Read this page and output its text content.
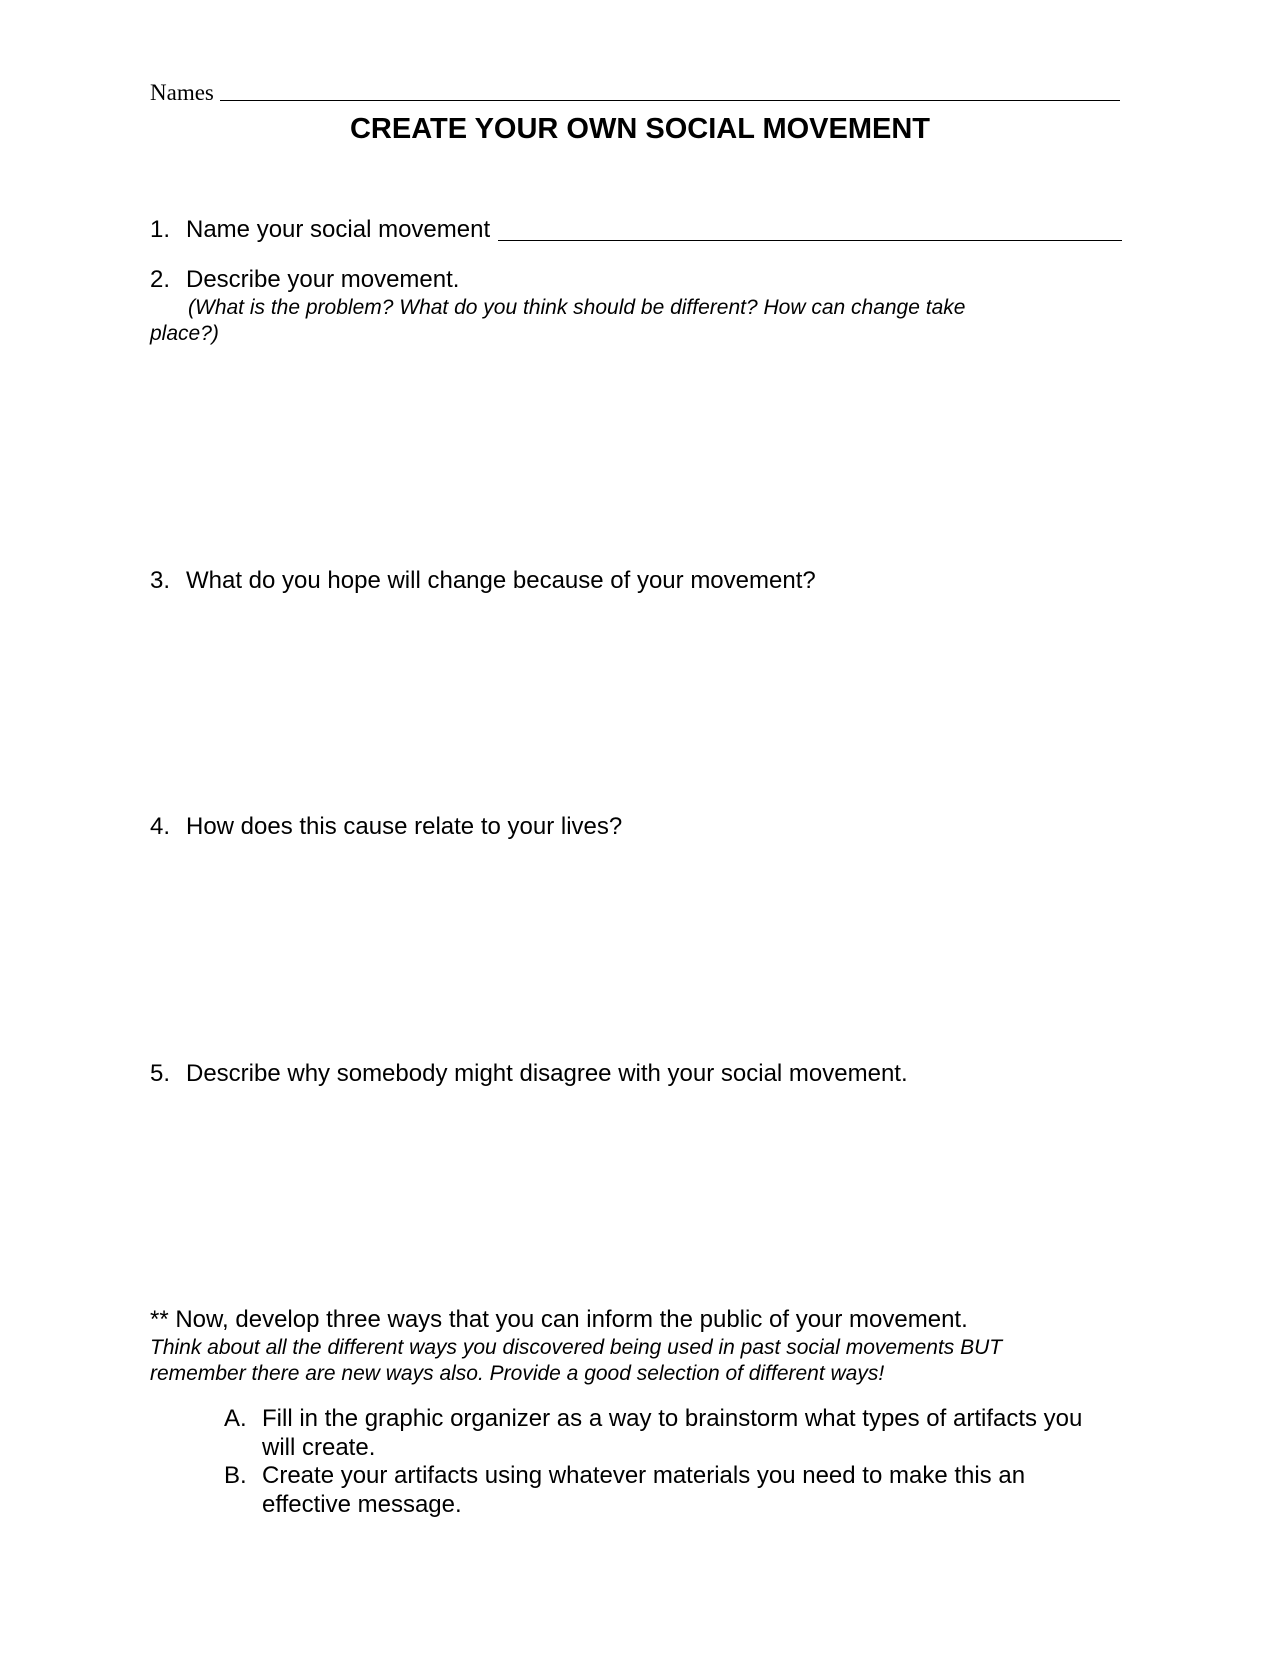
Names
CREATE YOUR OWN SOCIAL MOVEMENT
1. Name your social movement
2. Describe your movement.

(What is the problem? What do you think should be different? How can change take

place?)

3. What do you hope will change because of your movement?
4. How does this cause relate to your lives?
5. Describe why somebody might disagree with your social movement.

** Now, develop three ways that you can inform the public of your movement.

Think about all the different ways you discovered being used in past social movements BUT

remember there are new ways also. Provide a good selection of different ways!

A. Fill in the graphic organizer as a way to brainstorm what types of artifacts you
will create.
B. Create your artifacts using whatever materials you need to make this an
effective message.
